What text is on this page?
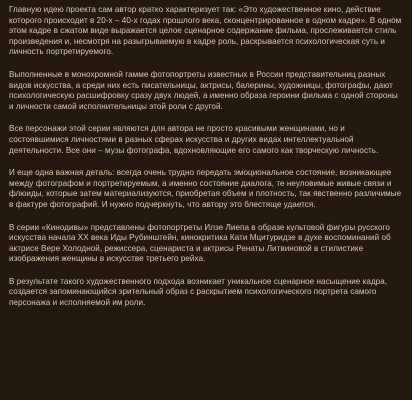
Главную идею проекта сам автор кратко характеризует так: «Это художественное кино, действие которого происходит в 20-х – 40-х годах прошлого века, сконцентрированное в одном кадре». В одном этом кадре в сжатом виде выражается целое сценарное содержание фильма, прослеживается стиль произведения и, несмотря на разыгрываемую в кадре роль, раскрывается психологическая суть и личность портретируемого.

Выполненные в монохромной гамме фотопортреты известных в России представительниц разных видов искусства, а среди них есть писательницы, актрисы, балерины, художницы, фотографы, дают психологическую расшифровку сразу двух людей, а именно образа героини фильма с одной стороны и личности самой исполнительницы этой роли с другой.

Все персонажи этой серии являются для автора не просто красивыми женщинами, но и состоявшимися личностями в разных сферах искусства и других видах интеллектуальной деятельности. Все они – музы фотографа, вдохновляющие его самого как творческую личность.

И еще одна важная деталь: всегда очень трудно передать эмоциональное состояние, возникающее между фотографом и портретируемым, а именно состояние диалога, те неуловимые живые связи и флюиды, которые затем материализуются, приобретая объем и плотность, так явственно различимые в фактуре фотографий. И нужно подчеркнуть, что автору это блестяще удается.

В серии «Кинодивы» представлены фотопортреты Илзе Лиепа в образе культовой фигуры русского искусства начала XX века Иды Рубинштейн, кинокритика Кати Мцитуридзе в духе воспоминаний об актрисе Вере Холодной, режиссера, сценариста и актрисы Ренаты Литвиновой в стилистике изображения женщины в искусстве третьего рейха.

В результате такого художественного подхода возникает уникальное сценарное насыщение кадра, создается запоминающийся зрительный образ с раскрытием психологического портрета самого персонажа и исполняемой им роли.
